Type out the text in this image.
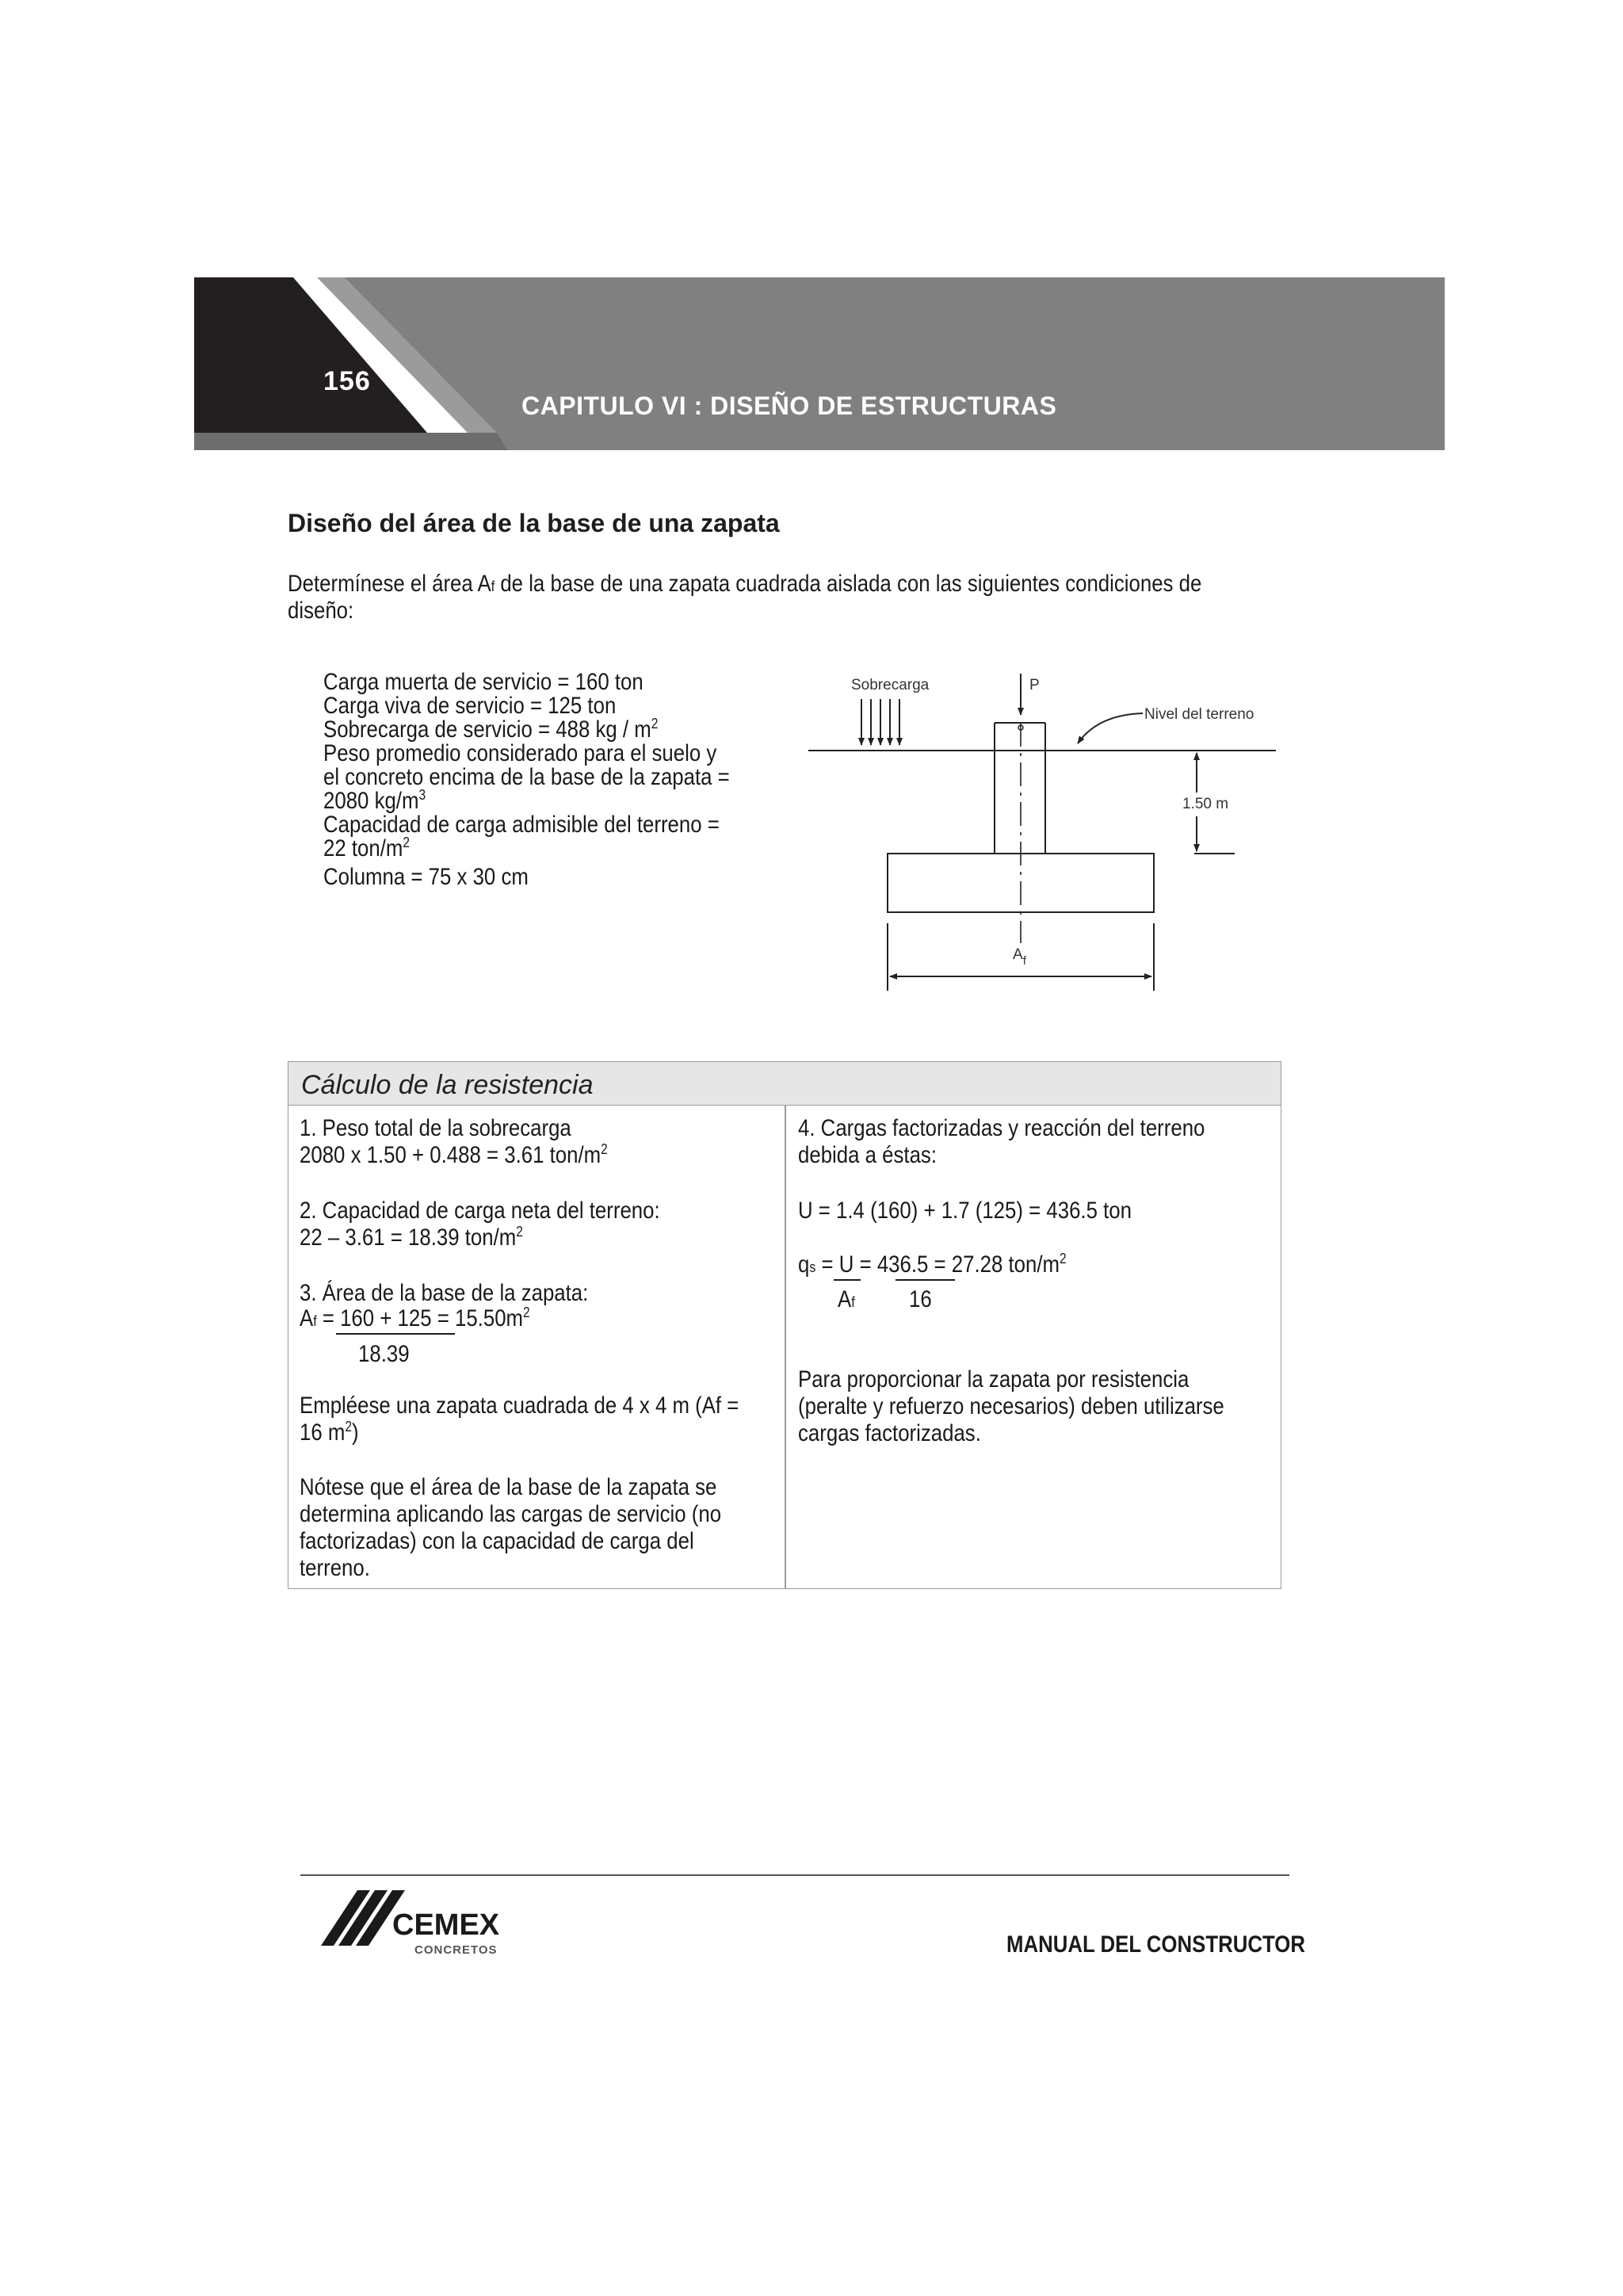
156
CAPITULO VI : DISEÑO DE ESTRUCTURAS
Diseño del área de la base de una zapata
Determínese el área Af de la base de una zapata cuadrada aislada con las siguientes condiciones de
diseño:
Carga muerta de servicio = 160 ton
Carga viva de servicio = 125 ton
Sobrecarga de servicio = 488 kg / $m^2$
Peso promedio considerado para el suelo y
el concreto encima de la base de la zapata =
2080 $kg/m^3$
Capacidad de carga admisible del terreno =
22 ton/$m^2$
Columna = 75 x 30 cm
Sobrecarga	P
Nivel del terreno
1.50 m
$A_f$
Cálculo de la resistencia
1. Peso total de la sobrecarga
2080 x 1.50 + 0.488 = 3.61 ton/$m^2$
2. Capacidad de carga neta del terreno:
22 – 3.61 = 18.39 ton/$m^2$
3. Área de la base de la zapata:
$Af = 160 + 125 = 15.50m^2$
18.39
Empléese una zapata cuadrada de 4 x 4 m (Af =
16 $m^2$)
Nótese que el área de la base de la zapata se
determina aplicando las cargas de servicio (no
factorizadas) con la capacidad de carga del
terreno.
4. Cargas factorizadas y reacción del terreno
debida a éstas:
U = 1.4 (160) + 1.7 (125) = 436.5 ton
qs = U = 436.5 = 27.28 ton/$m^2$
Af 16
Para proporcionar la zapata por resistencia
(peralte y refuerzo necesarios) deben utilizarse
cargas factorizadas.
CEMEX
CONCRETOS	MANUAL DEL CONSTRUCTOR
